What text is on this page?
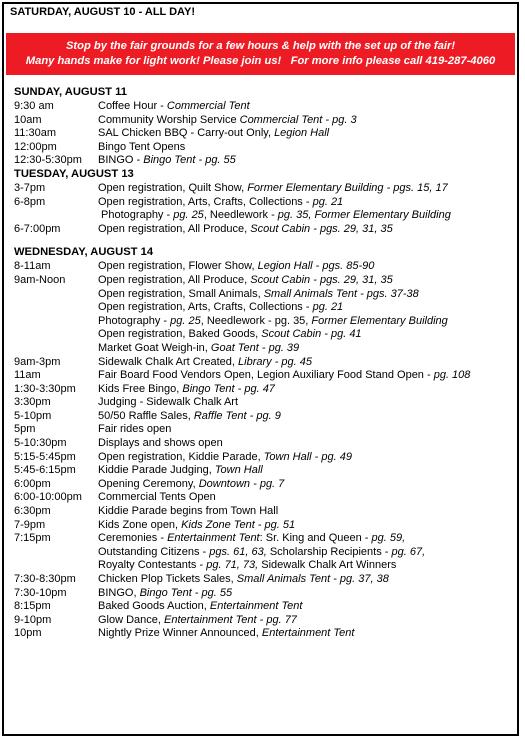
SATURDAY, AUGUST 10 - ALL DAY!
Stop by the fair grounds for a few hours & help with the set up of the fair!
Many hands make for light work! Please join us!   For more info please call 419-287-4060
SUNDAY, AUGUST 11
9:30 am	Coffee Hour - Commercial Tent
10am	Community Worship Service Commercial Tent - pg. 3
11:30am	SAL Chicken BBQ - Carry-out Only, Legion Hall
12:00pm	Bingo Tent Opens
12:30-5:30pm	BINGO - Bingo Tent - pg. 55
TUESDAY, AUGUST 13
3-7pm	Open registration, Quilt Show, Former Elementary Building - pgs. 15, 17
6-8pm	Open registration, Arts, Crafts, Collections - pg. 21
Photography - pg. 25, Needlework - pg. 35, Former Elementary Building
6-7:00pm	Open registration, All Produce, Scout Cabin - pgs. 29, 31, 35
WEDNESDAY, AUGUST 14
8-11am	Open registration, Flower Show, Legion Hall - pgs. 85-90
9am-Noon	Open registration, All Produce, Scout Cabin - pgs. 29, 31, 35
Open registration, Small Animals, Small Animals Tent - pgs. 37-38
Open registration, Arts, Crafts, Collections - pg. 21
Photography - pg. 25, Needlework - pg. 35, Former Elementary Building
Open registration, Baked Goods, Scout Cabin - pg. 41
Market Goat Weigh-in, Goat Tent - pg. 39
9am-3pm	Sidewalk Chalk Art Created, Library - pg. 45
11am	Fair Board Food Vendors Open, Legion Auxiliary Food Stand Open - pg. 108
1:30-3:30pm	Kids Free Bingo, Bingo Tent - pg. 47
3:30pm	Judging - Sidewalk Chalk Art
5-10pm	50/50 Raffle Sales, Raffle Tent - pg. 9
5pm	Fair rides open
5-10:30pm	Displays and shows open
5:15-5:45pm	Open registration, Kiddie Parade, Town Hall - pg. 49
5:45-6:15pm	Kiddie Parade Judging, Town Hall
6:00pm	Opening Ceremony, Downtown - pg. 7
6:00-10:00pm	Commercial Tents Open
6:30pm	Kiddie Parade begins from Town Hall
7-9pm	Kids Zone open, Kids Zone Tent - pg. 51
7:15pm	Ceremonies - Entertainment Tent: Sr. King and Queen - pg. 59,
Outstanding Citizens - pgs. 61, 63, Scholarship Recipients - pg. 67,
Royalty Contestants - pg. 71, 73, Sidewalk Chalk Art Winners
7:30-8:30pm	Chicken Plop Tickets Sales, Small Animals Tent - pg. 37, 38
7:30-10pm	BINGO, Bingo Tent - pg. 55
8:15pm	Baked Goods Auction, Entertainment Tent
9-10pm	Glow Dance, Entertainment Tent - pg. 77
10pm	Nightly Prize Winner Announced, Entertainment Tent
